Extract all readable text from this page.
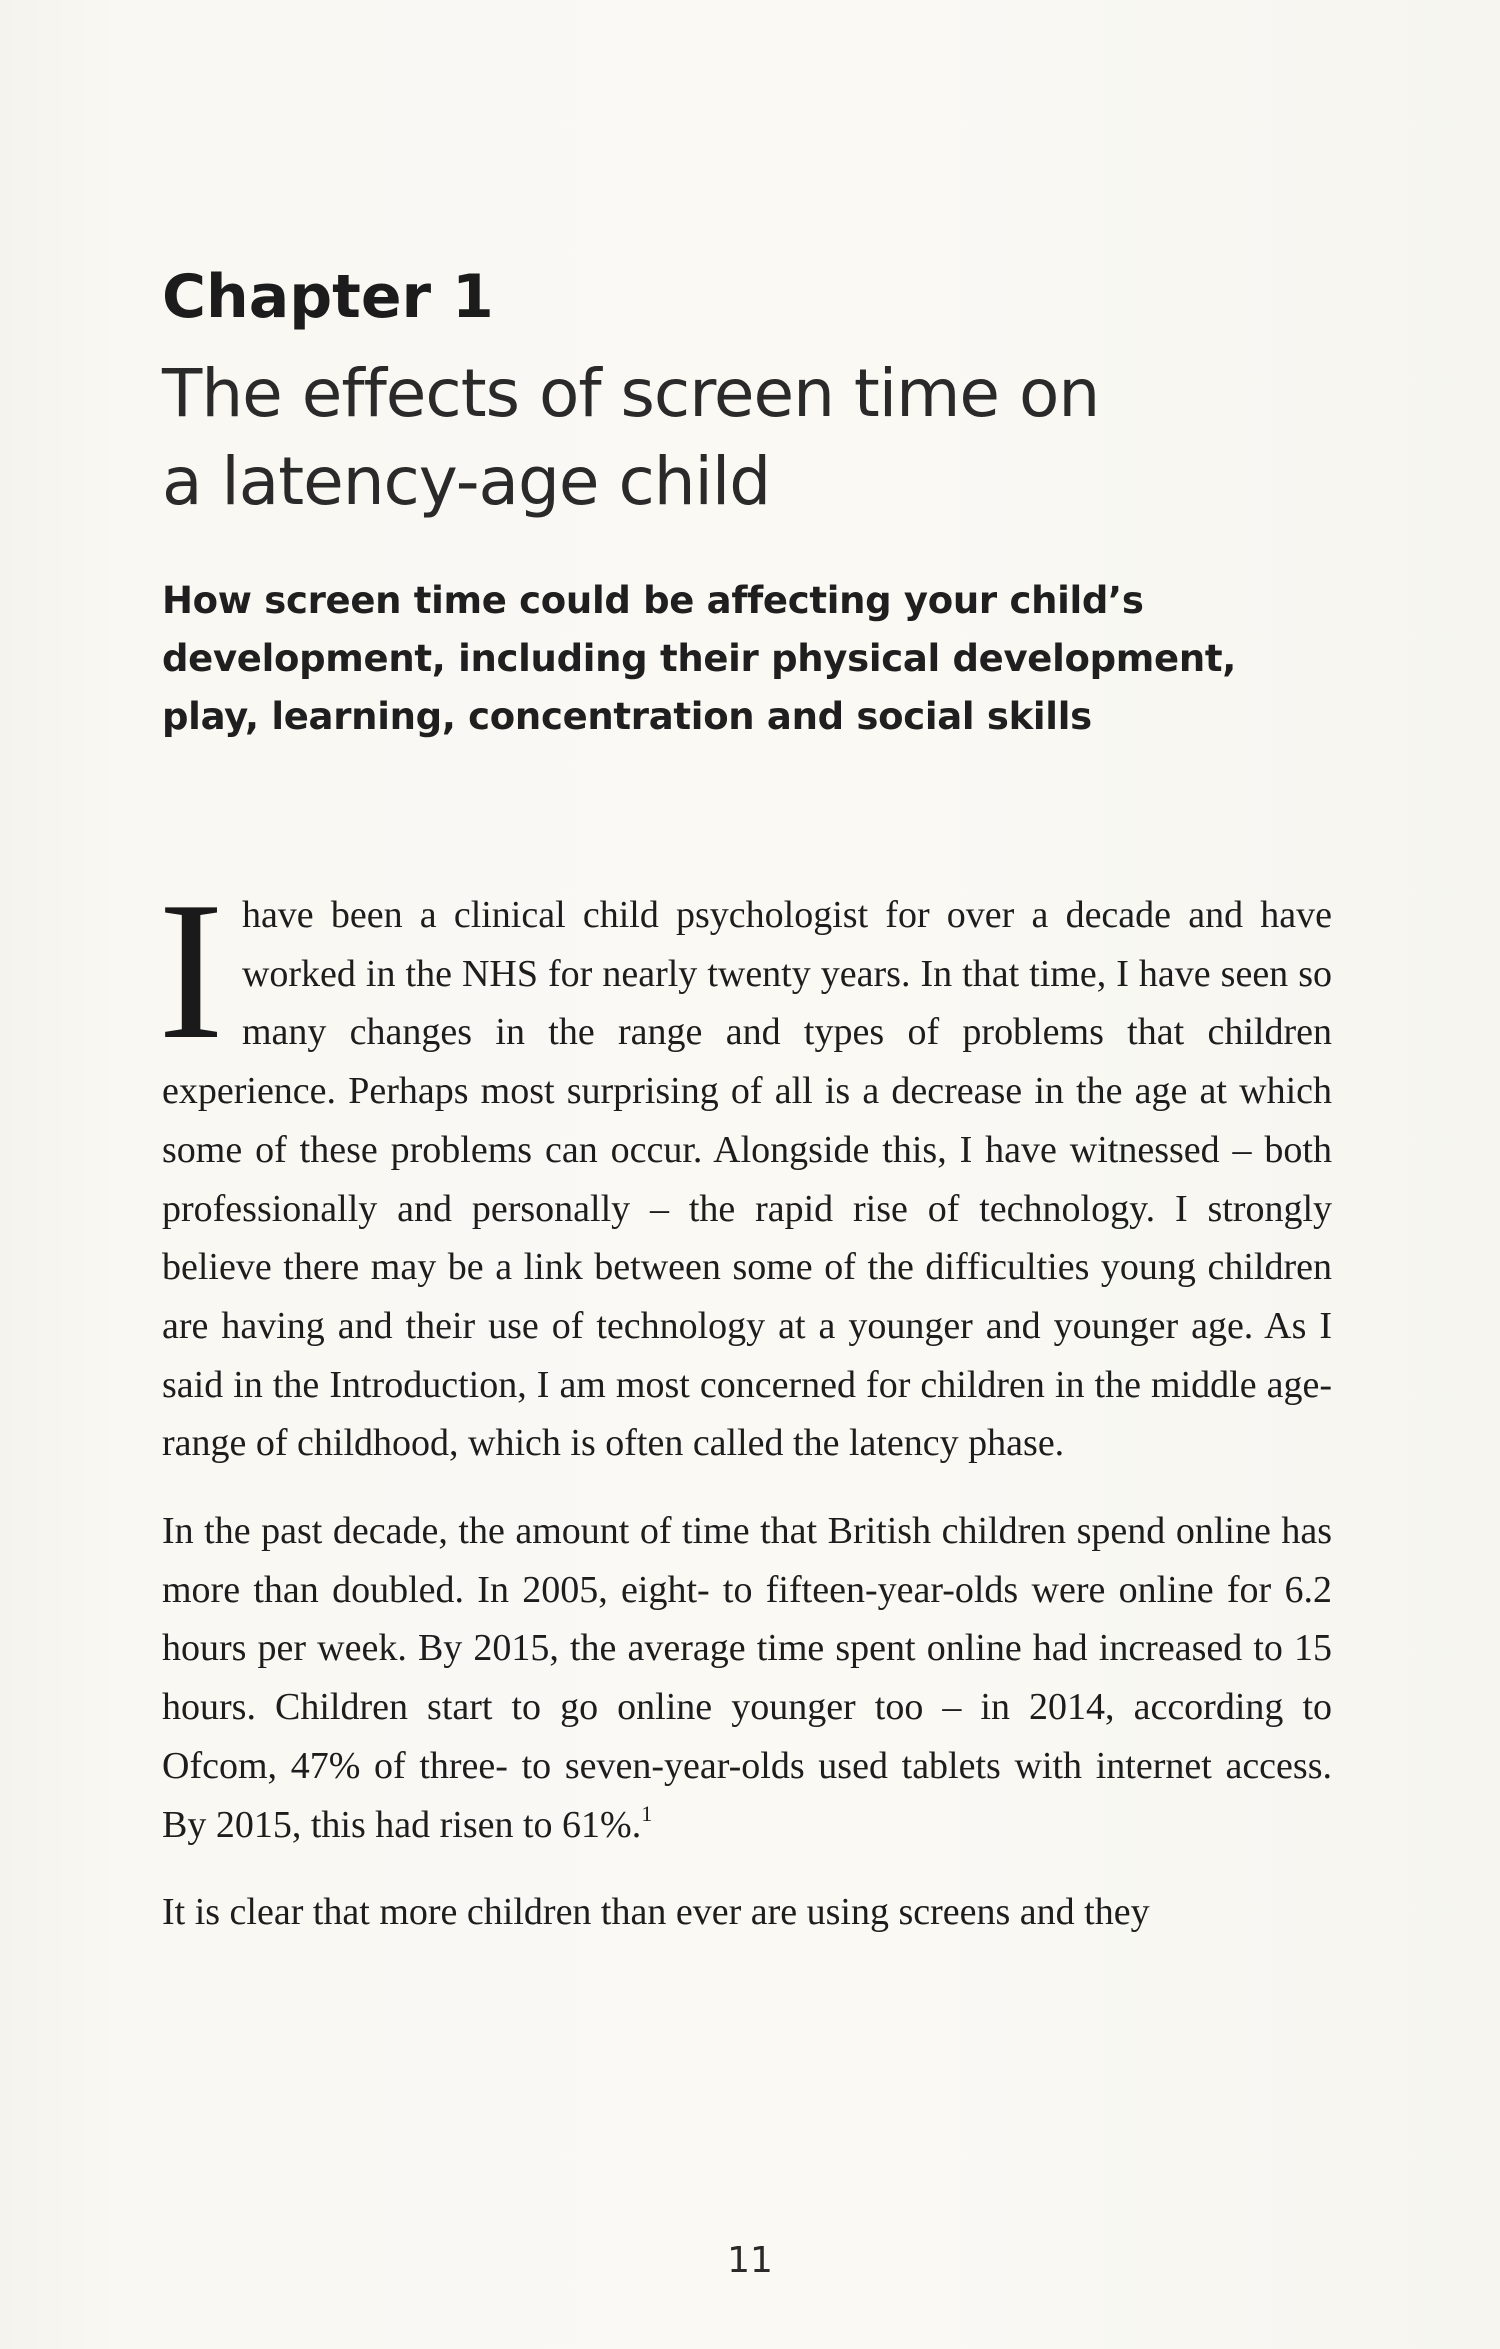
Chapter 1
The effects of screen time on
a latency-age child

How screen time could be affecting your child’s development, including their physical development, play, learning, concentration and social skills

Ihave been a clinical child psychologist for over a decade and have worked in the NHS for nearly twenty years. In that time, I have seen so many changes in the range and types of problems that children experience. Perhaps most surprising of all is a decrease in the age at which some of these problems can occur. Alongside this, I have witnessed – both professionally and personally – the rapid rise of technology. I strongly believe there may be a link between some of the difficulties young children are having and their use of technology at a younger and younger age. As I said in the Introduction, I am most concerned for children in the middle age-range of childhood, which is often called the latency phase.

In the past decade, the amount of time that British children spend online has more than doubled. In 2005, eight- to fifteen-year-olds were online for 6.2 hours per week. By 2015, the average time spent online had increased to 15 hours. Children start to go online younger too – in 2014, according to Ofcom, 47% of three- to seven-year-olds used tablets with internet access. By 2015, this had risen to 61%.$^1$

It is clear that more children than ever are using screens and they

11
